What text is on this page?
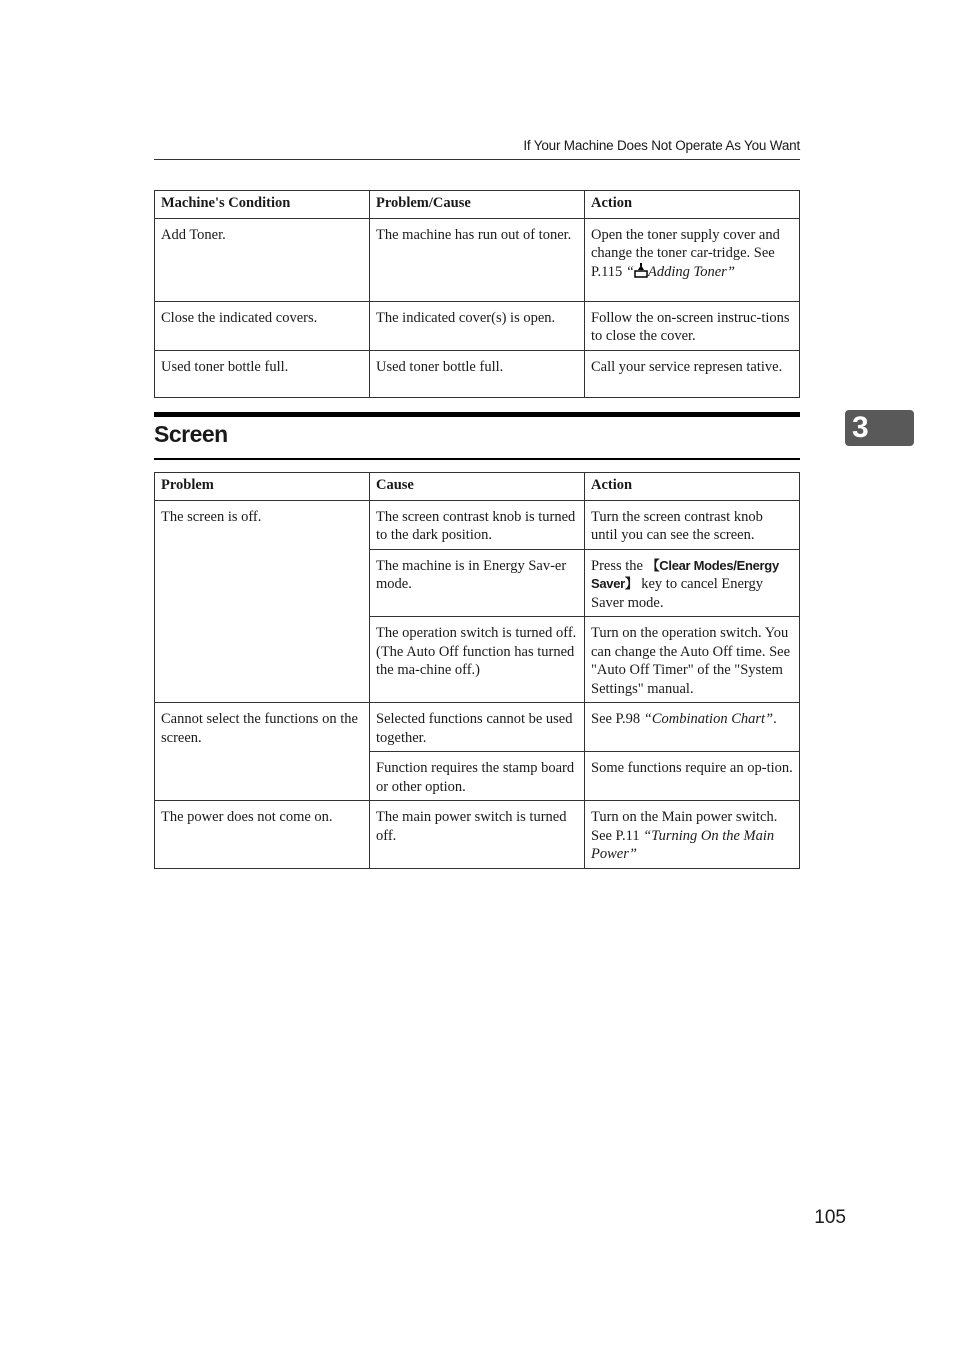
If Your Machine Does Not Operate As You Want
Machine's Condition	Problem/Cause	Action
Add Toner.	The machine has run out of toner.	Open the toner supply cover and change the toner car-tridge. See P.115 “ Adding Toner”
Close the indicated covers.	The indicated cover(s) is open.	Follow the on-screen instruc-tions to close the cover.
Used toner bottle full.	Used toner bottle full.	Call your service represen tative.
Screen	3
Problem	Cause	Action
The screen is off.	The screen contrast knob is turned to the dark position.	Turn the screen contrast knob until you can see the screen.
	The machine is in Energy Sav-er mode.	Press the 【Clear Modes/Energy Saver】 key to cancel Energy Saver mode.
	The operation switch is turned off. (The Auto Off function has turned the ma-chine off.)	Turn on the operation switch. You can change the Auto Off time. See "Auto Off Timer" of the "System Settings" manual.
Cannot select the functions on the screen.	Selected functions cannot be used together.	See P.98 “Combination Chart”.
	Function requires the stamp board or other option.	Some functions require an op-tion.
The power does not come on.	The main power switch is turned off.	Turn on the Main power switch. See P.11 “Turning On the Main Power”
105
